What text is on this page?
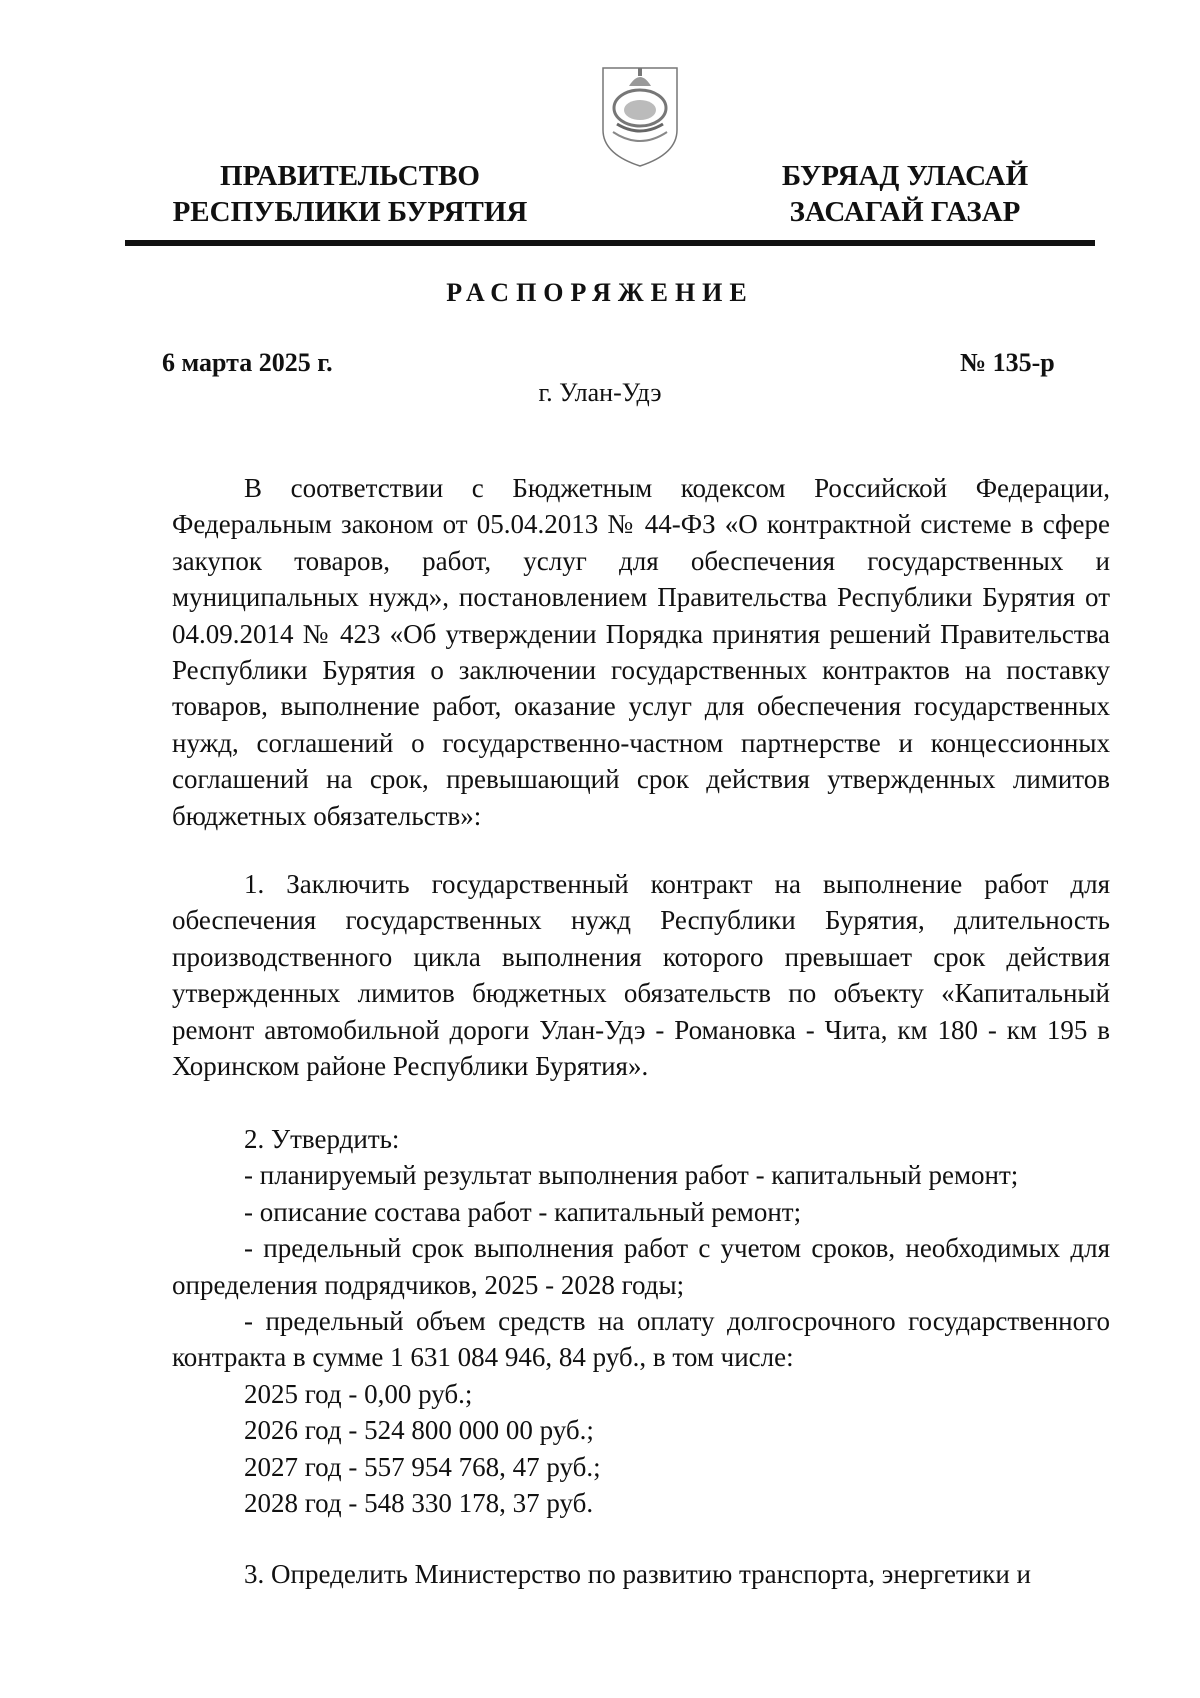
ПРАВИТЕЛЬСТВО
РЕСПУБЛИКИ БУРЯТИЯ
БУРЯАД УЛАСАЙ
ЗАСАГАЙ ГАЗАР
РАСПОРЯЖЕНИЕ
6 марта 2025 г.	№ 135-р
г. Улан-Удэ

В соответствии с Бюджетным кодексом Российской Федерации, Федеральным законом от 05.04.2013 № 44-ФЗ «О контрактной системе в сфере закупок товаров, работ, услуг для обеспечения государственных и муниципальных нужд», постановлением Правительства Республики Бурятия от 04.09.2014 № 423 «Об утверждении Порядка принятия решений Правительства Республики Бурятия о заключении государственных контрактов на поставку товаров, выполнение работ, оказание услуг для обеспечения государственных нужд, соглашений о государственно-частном партнерстве и концессионных соглашений на срок, превышающий срок действия утвержденных лимитов бюджетных обязательств»:

1. Заключить государственный контракт на выполнение работ для обеспечения государственных нужд Республики Бурятия, длительность производственного цикла выполнения которого превышает срок действия утвержденных лимитов бюджетных обязательств по объекту «Капитальный ремонт автомобильной дороги Улан-Удэ - Романовка - Чита, км 180 - км 195 в Хоринском районе Республики Бурятия».

2. Утвердить:
- планируемый результат выполнения работ - капитальный ремонт;
- описание состава работ - капитальный ремонт;
- предельный срок выполнения работ с учетом сроков, необходимых для определения подрядчиков, 2025 - 2028 годы;
- предельный объем средств на оплату долгосрочного государственного контракта в сумме 1 631 084 946, 84 руб., в том числе:
2025 год - 0,00 руб.;
2026 год - 524 800 000 00 руб.;
2027 год - 557 954 768, 47 руб.;
2028 год - 548 330 178, 37 руб.

3. Определить Министерство по развитию транспорта, энергетики и
